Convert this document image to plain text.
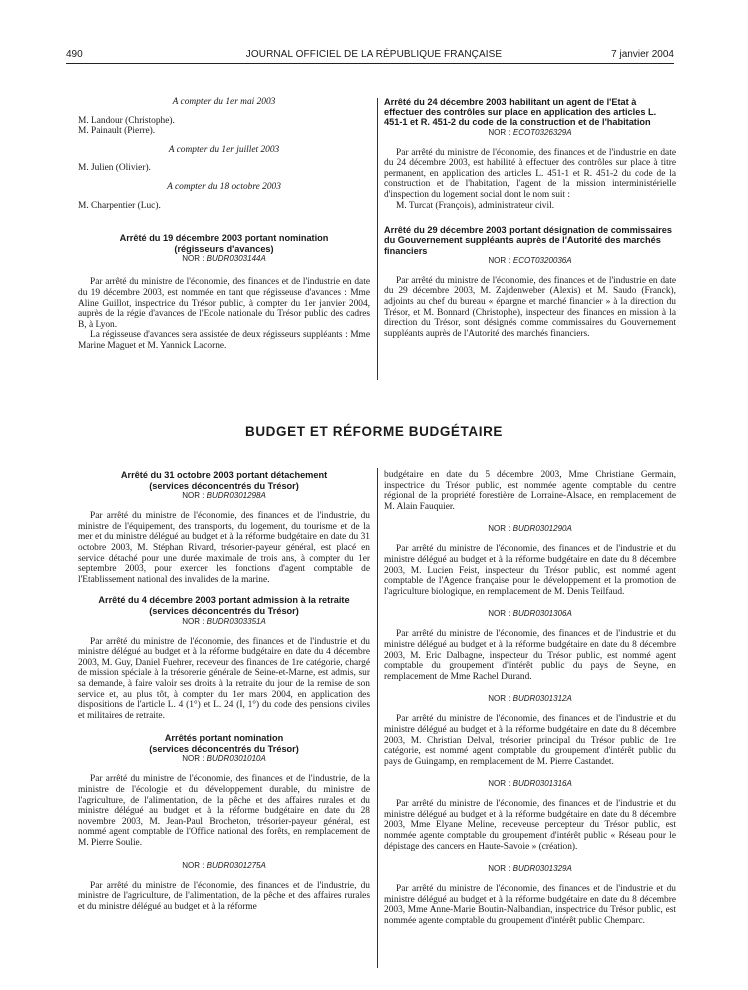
490	JOURNAL OFFICIEL DE LA RÉPUBLIQUE FRANÇAISE	7 janvier 2004

A compter du 1er mai 2003

M. Landour (Christophe).

M. Painault (Pierre).

A compter du 1er juillet 2003

M. Julien (Olivier).

A compter du 18 octobre 2003

M. Charpentier (Luc).

Arrêté du 19 décembre 2003 portant nomination

(régisseurs d'avances)

NOR : BUDR0303144A

Par arrêté du ministre de l'économie, des finances et de l'industrie en date du 19 décembre 2003, est nommée en tant que régisseuse d'avances : Mme Aline Guillot, inspectrice du Trésor public, à compter du 1er janvier 2004, auprès de la régie d'avances de l'Ecole nationale du Trésor public des cadres B, à Lyon.

La régisseuse d'avances sera assistée de deux régisseurs suppléants : Mme Marine Maguet et M. Yannick Lacorne.

Arrêté du 24 décembre 2003 habilitant un agent de l'Etat à effectuer des contrôles sur place en application des articles L. 451-1 et R. 451-2 du code de la construction et de l'habitation

NOR : ECOT0326329A

Par arrêté du ministre de l'économie, des finances et de l'industrie en date du 24 décembre 2003, est habilité à effectuer des contrôles sur place à titre permanent, en application des articles L. 451-1 et R. 451-2 du code de la construction et de l'habitation, l'agent de la mission interministérielle d'inspection du logement social dont le nom suit :

M. Turcat (François), administrateur civil.

Arrêté du 29 décembre 2003 portant désignation de commissaires du Gouvernement suppléants auprès de l'Autorité des marchés financiers

NOR : ECOT0320036A

Par arrêté du ministre de l'économie, des finances et de l'industrie en date du 29 décembre 2003, M. Zajdenweber (Alexis) et M. Saudo (Franck), adjoints au chef du bureau « épargne et marché financier » à la direction du Trésor, et M. Bonnard (Christophe), inspecteur des finances en mission à la direction du Trésor, sont désignés comme commissaires du Gouvernement suppléants auprès de l'Autorité des marchés financiers.

BUDGET ET RÉFORME BUDGÉTAIRE

Arrêté du 31 octobre 2003 portant détachement

(services déconcentrés du Trésor)

NOR : BUDR0301298A

Par arrêté du ministre de l'économie, des finances et de l'industrie, du ministre de l'équipement, des transports, du logement, du tourisme et de la mer et du ministre délégué au budget et à la réforme budgétaire en date du 31 octobre 2003, M. Stéphan Rivard, trésorier-payeur général, est placé en service détaché pour une durée maximale de trois ans, à compter du 1er septembre 2003, pour exercer les fonctions d'agent comptable de l'Etablissement national des invalides de la marine.

Arrêté du 4 décembre 2003 portant admission à la retraite

(services déconcentrés du Trésor)

NOR : BUDR0303351A

Par arrêté du ministre de l'économie, des finances et de l'industrie et du ministre délégué au budget et à la réforme budgétaire en date du 4 décembre 2003, M. Guy, Daniel Fuehrer, receveur des finances de 1re catégorie, chargé de mission spéciale à la trésorerie générale de Seine-et-Marne, est admis, sur sa demande, à faire valoir ses droits à la retraite du jour de la remise de son service et, au plus tôt, à compter du 1er mars 2004, en application des dispositions de l'article L. 4 (1°) et L. 24 (I, 1°) du code des pensions civiles et militaires de retraite.

Arrêtés portant nomination

(services déconcentrés du Trésor)

NOR : BUDR0301010A

Par arrêté du ministre de l'économie, des finances et de l'industrie, de la ministre de l'écologie et du développement durable, du ministre de l'agriculture, de l'alimentation, de la pêche et des affaires rurales et du ministre délégué au budget et à la réforme budgétaire en date du 28 novembre 2003, M. Jean-Paul Brocheton, trésorier-payeur général, est nommé agent comptable de l'Office national des forêts, en remplacement de M. Pierre Soulie.

NOR : BUDR0301275A

Par arrêté du ministre de l'économie, des finances et de l'industrie, du ministre de l'agriculture, de l'alimentation, de la pêche et des affaires rurales et du ministre délégué au budget et à la réforme

budgétaire en date du 5 décembre 2003, Mme Christiane Germain, inspectrice du Trésor public, est nommée agente comptable du centre régional de la propriété forestière de Lorraine-Alsace, en remplacement de M. Alain Fauquier.

NOR : BUDR0301290A

Par arrêté du ministre de l'économie, des finances et de l'industrie et du ministre délégué au budget et à la réforme budgétaire en date du 8 décembre 2003, M. Lucien Feist, inspecteur du Trésor public, est nommé agent comptable de l'Agence française pour le développement et la promotion de l'agriculture biologique, en remplacement de M. Denis Teilfaud.

NOR : BUDR0301306A

Par arrêté du ministre de l'économie, des finances et de l'industrie et du ministre délégué au budget et à la réforme budgétaire en date du 8 décembre 2003, M. Eric Dalbagne, inspecteur du Trésor public, est nommé agent comptable du groupement d'intérêt public du pays de Seyne, en remplacement de Mme Rachel Durand.

NOR : BUDR0301312A

Par arrêté du ministre de l'économie, des finances et de l'industrie et du ministre délégué au budget et à la réforme budgétaire en date du 8 décembre 2003, M. Christian Delval, trésorier principal du Trésor public de 1re catégorie, est nommé agent comptable du groupement d'intérêt public du pays de Guingamp, en remplacement de M. Pierre Castandet.

NOR : BUDR0301316A

Par arrêté du ministre de l'économie, des finances et de l'industrie et du ministre délégué au budget et à la réforme budgétaire en date du 8 décembre 2003, Mme Elyane Meline, receveuse percepteur du Trésor public, est nommée agente comptable du groupement d'intérêt public « Réseau pour le dépistage des cancers en Haute-Savoie » (création).

NOR : BUDR0301329A

Par arrêté du ministre de l'économie, des finances et de l'industrie et du ministre délégué au budget et à la réforme budgétaire en date du 8 décembre 2003, Mme Anne-Marie Boutin-Nalbandian, inspectrice du Trésor public, est nommée agente comptable du groupement d'intérêt public Chemparc.
